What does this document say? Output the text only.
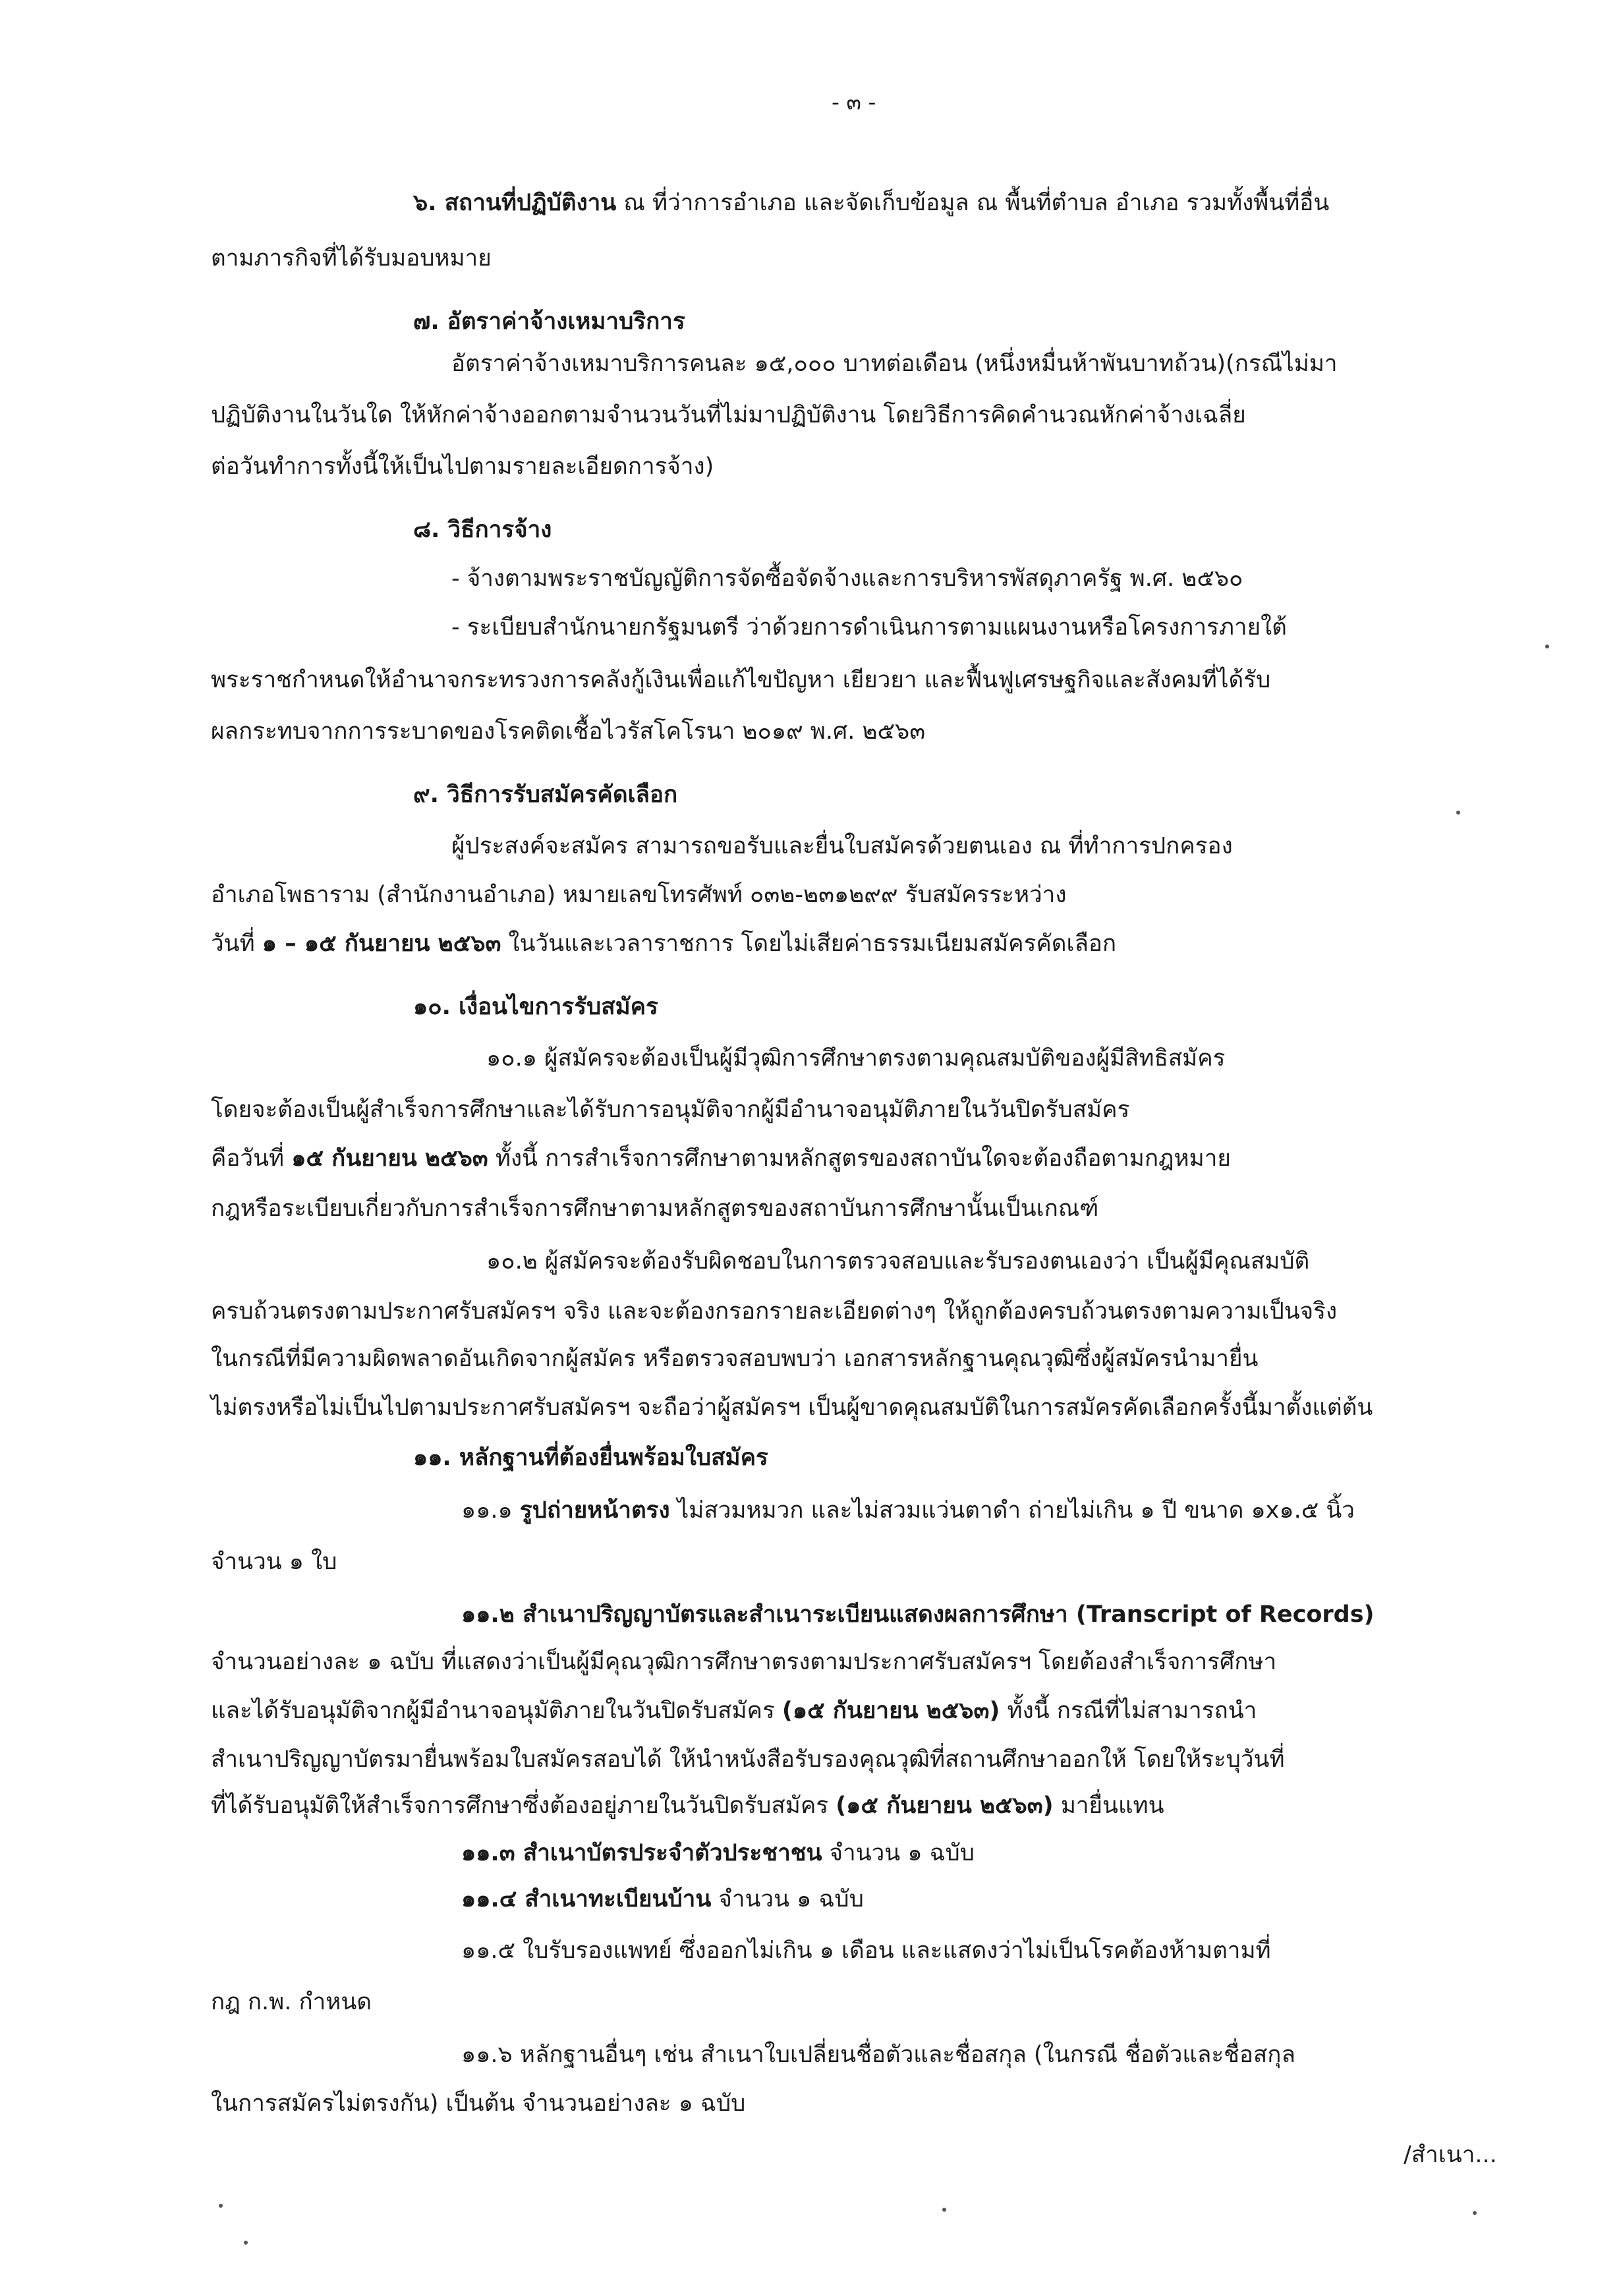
- ๓ -
๖. สถานที่ปฏิบัติงาน ณ ที่ว่าการอำเภอ และจัดเก็บข้อมูล ณ พื้นที่ตำบล อำเภอ รวมทั้งพื้นที่อื่น
ตามภารกิจที่ได้รับมอบหมาย
๗. อัตราค่าจ้างเหมาบริการ
อัตราค่าจ้างเหมาบริการคนละ ๑๕,๐๐๐ บาทต่อเดือน (หนึ่งหมื่นห้าพันบาทถ้วน)(กรณีไม่มา
ปฏิบัติงานในวันใด ให้หักค่าจ้างออกตามจำนวนวันที่ไม่มาปฏิบัติงาน โดยวิธีการคิดคำนวณหักค่าจ้างเฉลี่ย
ต่อวันทำการทั้งนี้ให้เป็นไปตามรายละเอียดการจ้าง)
๘. วิธีการจ้าง
- จ้างตามพระราชบัญญัติการจัดซื้อจัดจ้างและการบริหารพัสดุภาครัฐ พ.ศ. ๒๕๖๐
- ระเบียบสำนักนายกรัฐมนตรี ว่าด้วยการดำเนินการตามแผนงานหรือโครงการภายใต้
พระราชกำหนดให้อำนาจกระทรวงการคลังกู้เงินเพื่อแก้ไขปัญหา เยียวยา และฟื้นฟูเศรษฐกิจและสังคมที่ได้รับ
ผลกระทบจากการระบาดของโรคติดเชื้อไวรัสโคโรนา ๒๐๑๙ พ.ศ. ๒๕๖๓
๙. วิธีการรับสมัครคัดเลือก
ผู้ประสงค์จะสมัคร สามารถขอรับและยื่นใบสมัครด้วยตนเอง ณ ที่ทำการปกครอง
อำเภอโพธาราม (สำนักงานอำเภอ) หมายเลขโทรศัพท์ ๐๓๒-๒๓๑๒๙๙ รับสมัครระหว่าง
วันที่ ๑ – ๑๕ กันยายน ๒๕๖๓ ในวันและเวลาราชการ โดยไม่เสียค่าธรรมเนียมสมัครคัดเลือก
๑๐. เงื่อนไขการรับสมัคร
๑๐.๑ ผู้สมัครจะต้องเป็นผู้มีวุฒิการศึกษาตรงตามคุณสมบัติของผู้มีสิทธิสมัคร
โดยจะต้องเป็นผู้สำเร็จการศึกษาและได้รับการอนุมัติจากผู้มีอำนาจอนุมัติภายในวันปิดรับสมัคร
คือวันที่ ๑๕ กันยายน ๒๕๖๓ ทั้งนี้ การสำเร็จการศึกษาตามหลักสูตรของสถาบันใดจะต้องถือตามกฎหมาย
กฎหรือระเบียบเกี่ยวกับการสำเร็จการศึกษาตามหลักสูตรของสถาบันการศึกษานั้นเป็นเกณฑ์
๑๐.๒ ผู้สมัครจะต้องรับผิดชอบในการตรวจสอบและรับรองตนเองว่า เป็นผู้มีคุณสมบัติ
ครบถ้วนตรงตามประกาศรับสมัครฯ จริง และจะต้องกรอกรายละเอียดต่างๆ ให้ถูกต้องครบถ้วนตรงตามความเป็นจริง
ในกรณีที่มีความผิดพลาดอันเกิดจากผู้สมัคร หรือตรวจสอบพบว่า เอกสารหลักฐานคุณวุฒิซึ่งผู้สมัครนำมายื่น
ไม่ตรงหรือไม่เป็นไปตามประกาศรับสมัครฯ จะถือว่าผู้สมัครฯ เป็นผู้ขาดคุณสมบัติในการสมัครคัดเลือกครั้งนี้มาตั้งแต่ต้น
๑๑. หลักฐานที่ต้องยื่นพร้อมใบสมัคร
๑๑.๑ รูปถ่ายหน้าตรง ไม่สวมหมวก และไม่สวมแว่นตาดำ ถ่ายไม่เกิน ๑ ปี ขนาด ๑x๑.๕ นิ้ว
จำนวน ๑ ใบ
๑๑.๒ สำเนาปริญญาบัตรและสำเนาระเบียนแสดงผลการศึกษา (Transcript of Records)
จำนวนอย่างละ ๑ ฉบับ ที่แสดงว่าเป็นผู้มีคุณวุฒิการศึกษาตรงตามประกาศรับสมัครฯ โดยต้องสำเร็จการศึกษา
และได้รับอนุมัติจากผู้มีอำนาจอนุมัติภายในวันปิดรับสมัคร (๑๕ กันยายน ๒๕๖๓) ทั้งนี้ กรณีที่ไม่สามารถนำ
สำเนาปริญญาบัตรมายื่นพร้อมใบสมัครสอบได้ ให้นำหนังสือรับรองคุณวุฒิที่สถานศึกษาออกให้ โดยให้ระบุวันที่
ที่ได้รับอนุมัติให้สำเร็จการศึกษาซึ่งต้องอยู่ภายในวันปิดรับสมัคร (๑๕ กันยายน ๒๕๖๓) มายื่นแทน
๑๑.๓ สำเนาบัตรประจำตัวประชาชน จำนวน ๑ ฉบับ
๑๑.๔ สำเนาทะเบียนบ้าน จำนวน ๑ ฉบับ
๑๑.๕ ใบรับรองแพทย์ ซึ่งออกไม่เกิน ๑ เดือน และแสดงว่าไม่เป็นโรคต้องห้ามตามที่
กฎ ก.พ. กำหนด
๑๑.๖ หลักฐานอื่นๆ เช่น สำเนาใบเปลี่ยนชื่อตัวและชื่อสกุล (ในกรณี ชื่อตัวและชื่อสกุล
ในการสมัครไม่ตรงกัน) เป็นต้น จำนวนอย่างละ ๑ ฉบับ
/สำเนา...
